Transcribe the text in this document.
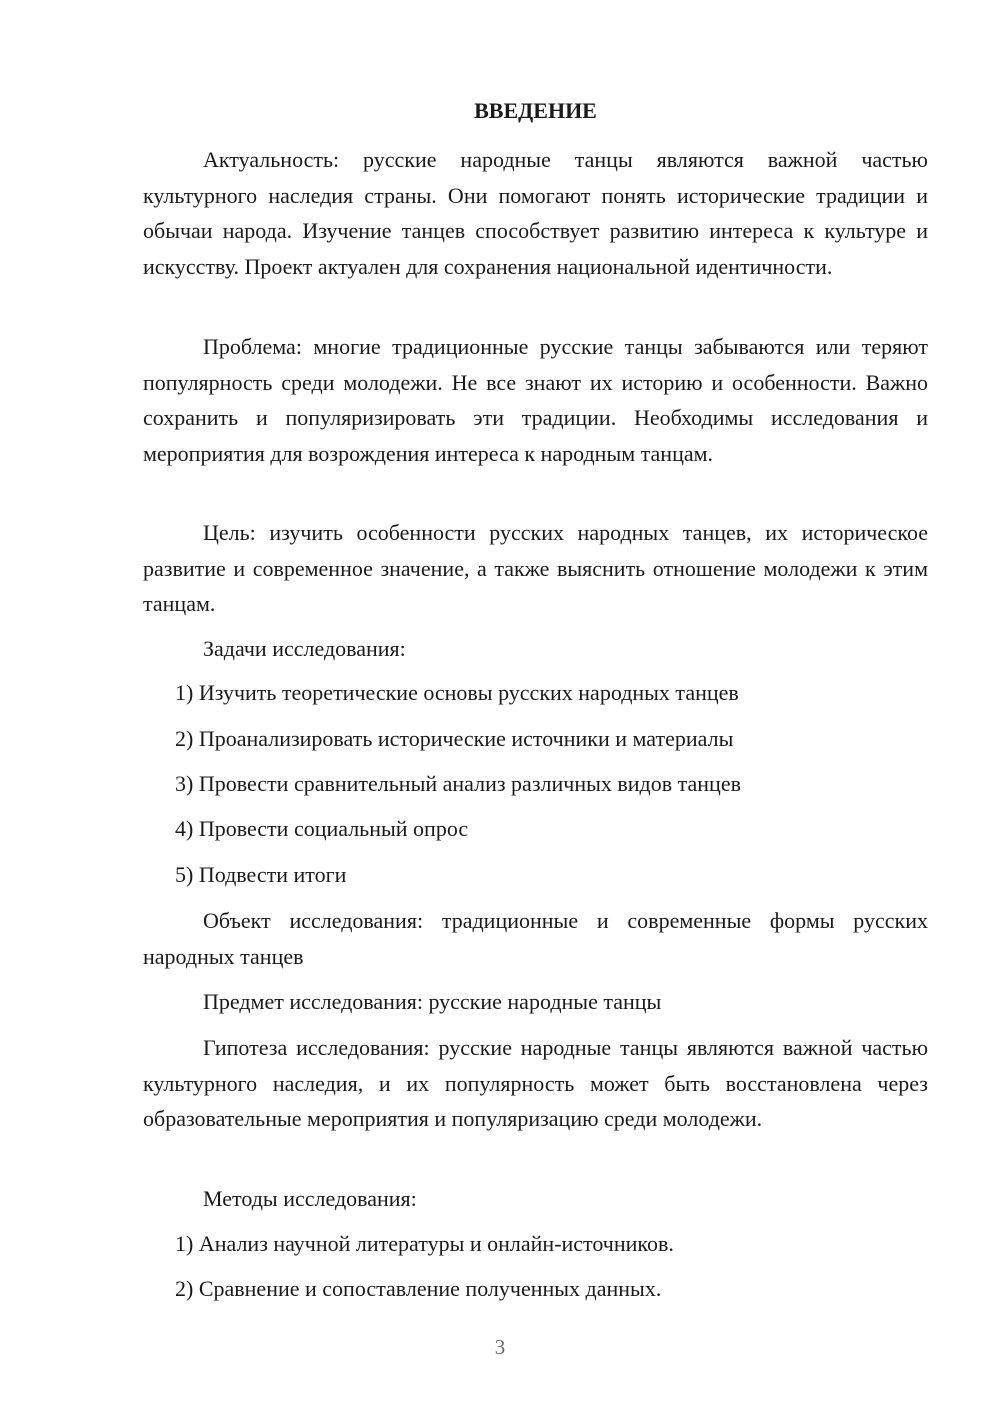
ВВЕДЕНИЕ

Актуальность: русские народные танцы являются важной частью культурного наследия страны. Они помогают понять исторические традиции и обычаи народа. Изучение танцев способствует развитию интереса к культуре и искусству. Проект актуален для сохранения национальной идентичности.

Проблема: многие традиционные русские танцы забываются или теряют популярность среди молодежи. Не все знают их историю и особенности. Важно сохранить и популяризировать эти традиции. Необходимы исследования и мероприятия для возрождения интереса к народным танцам.

Цель: изучить особенности русских народных танцев, их историческое развитие и современное значение, а также выяснить отношение молодежи к этим танцам.

Задачи исследования:

1) Изучить теоретические основы русских народных танцев

2) Проанализировать исторические источники и материалы

3) Провести сравнительный анализ различных видов танцев

4) Провести социальный опрос

5) Подвести итоги

Объект исследования: традиционные и современные формы русских народных танцев

Предмет исследования: русские народные танцы

Гипотеза исследования: русские народные танцы являются важной частью культурного наследия, и их популярность может быть восстановлена через образовательные мероприятия и популяризацию среди молодежи.

Методы исследования:

1) Анализ научной литературы и онлайн-источников.

2) Сравнение и сопоставление полученных данных.

3
